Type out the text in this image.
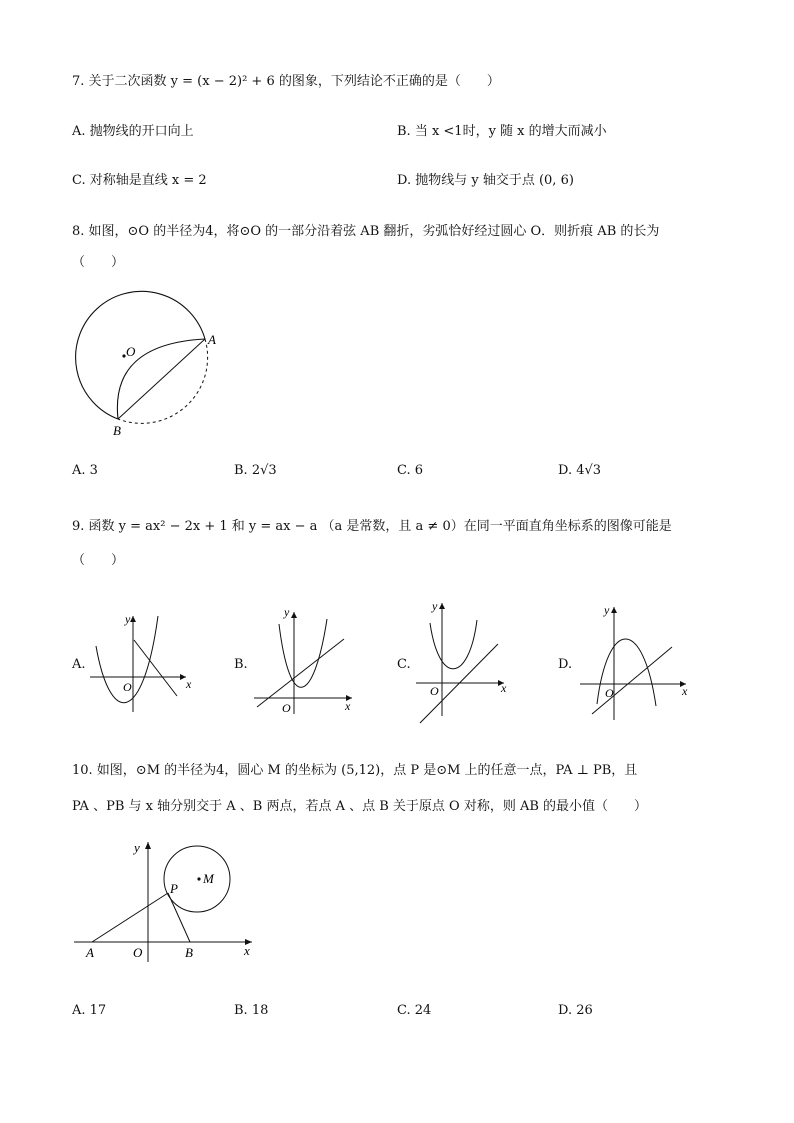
7. 关于二次函数 y = (x − 2)² + 6 的图象，下列结论不正确的是（　　）
A. 抛物线的开口向上	B. 当 x <1时，y 随 x 的增大而减小
C. 对称轴是直线 x = 2	D. 抛物线与 y 轴交于点 (0, 6)
8. 如图，⊙O 的半径为4，将⊙O 的一部分沿着弦 AB 翻折，劣弧恰好经过圆心 O．则折痕 AB 的长为
（　　）
O
A
B
A. 3	B. 2√3	C. 6	D. 4√3
9. 函数 y = ax² − 2x + 1 和 y = ax − a （a 是常数，且 a ≠ 0）在同一平面直角坐标系的图像可能是
（　　）
A.
y
x
O
B.
y
x
O
C.
y
x
O
D.
y
x
O
10. 如图，⊙M 的半径为4，圆心 M 的坐标为 (5,12)，点 P 是⊙M 上的任意一点，PA ⊥ PB，且
PA 、PB 与 x 轴分别交于 A 、B 两点，若点 A 、点 B 关于原点 O 对称，则 AB 的最小值（　　）
y
M
P
A	O	B	x
A. 17	B. 18	C. 24	D. 26
